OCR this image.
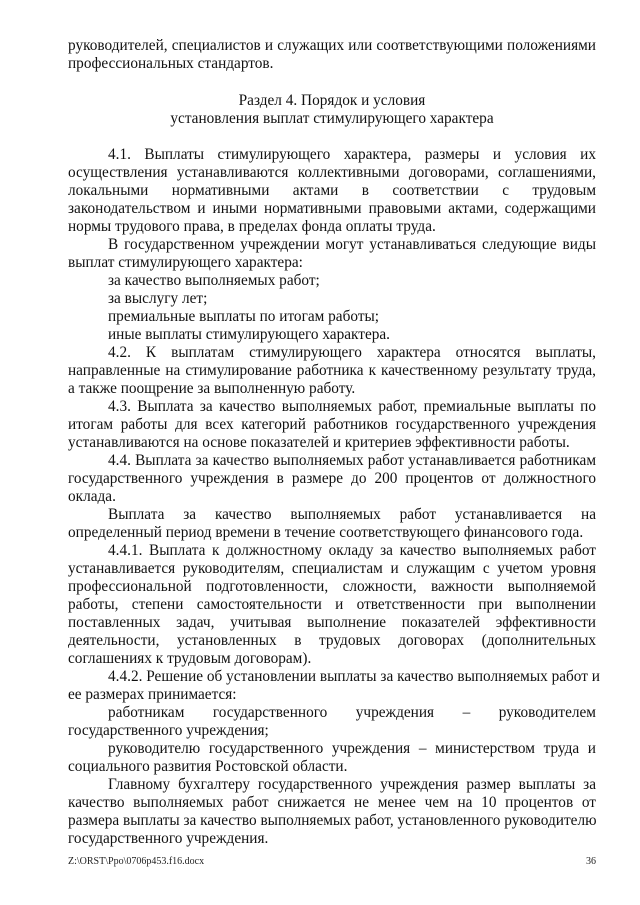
руководителей, специалистов и служащих или соответствующими положениями
профессиональных стандартов.
Раздел 4. Порядок и условия
установления выплат стимулирующего характера
4.1. Выплаты стимулирующего характера, размеры и условия их
осуществления устанавливаются коллективными договорами, соглашениями,
локальными нормативными актами в соответствии с трудовым
законодательством и иными нормативными правовыми актами, содержащими
нормы трудового права, в пределах фонда оплаты труда.
В государственном учреждении могут устанавливаться следующие виды
выплат стимулирующего характера:
за качество выполняемых работ;
за выслугу лет;
премиальные выплаты по итогам работы;
иные выплаты стимулирующего характера.
4.2. К выплатам стимулирующего характера относятся выплаты,
направленные на стимулирование работника к качественному результату труда,
а также поощрение за выполненную работу.
4.3. Выплата за качество выполняемых работ, премиальные выплаты по
итогам работы для всех категорий работников государственного учреждения
устанавливаются на основе показателей и критериев эффективности работы.
4.4. Выплата за качество выполняемых работ устанавливается работникам
государственного учреждения в размере до 200 процентов от должностного
оклада.
Выплата за качество выполняемых работ устанавливается на
определенный период времени в течение соответствующего финансового года.
4.4.1. Выплата к должностному окладу за качество выполняемых работ
устанавливается руководителям, специалистам и служащим с учетом уровня
профессиональной подготовленности, сложности, важности выполняемой
работы, степени самостоятельности и ответственности при выполнении
поставленных задач, учитывая выполнение показателей эффективности
деятельности, установленных в трудовых договорах (дополнительных
соглашениях к трудовым договорам).
4.4.2. Решение об установлении выплаты за качество выполняемых работ и
ее размерах принимается:
работникам государственного учреждения – руководителем
государственного учреждения;
руководителю государственного учреждения – министерством труда и
социального развития Ростовской области.
Главному бухгалтеру государственного учреждения размер выплаты за
качество выполняемых работ снижается не менее чем на 10 процентов от
размера выплаты за качество выполняемых работ, установленного руководителю
государственного учреждения.
Z:\ORST\Ppo\0706p453.f16.docx	36
